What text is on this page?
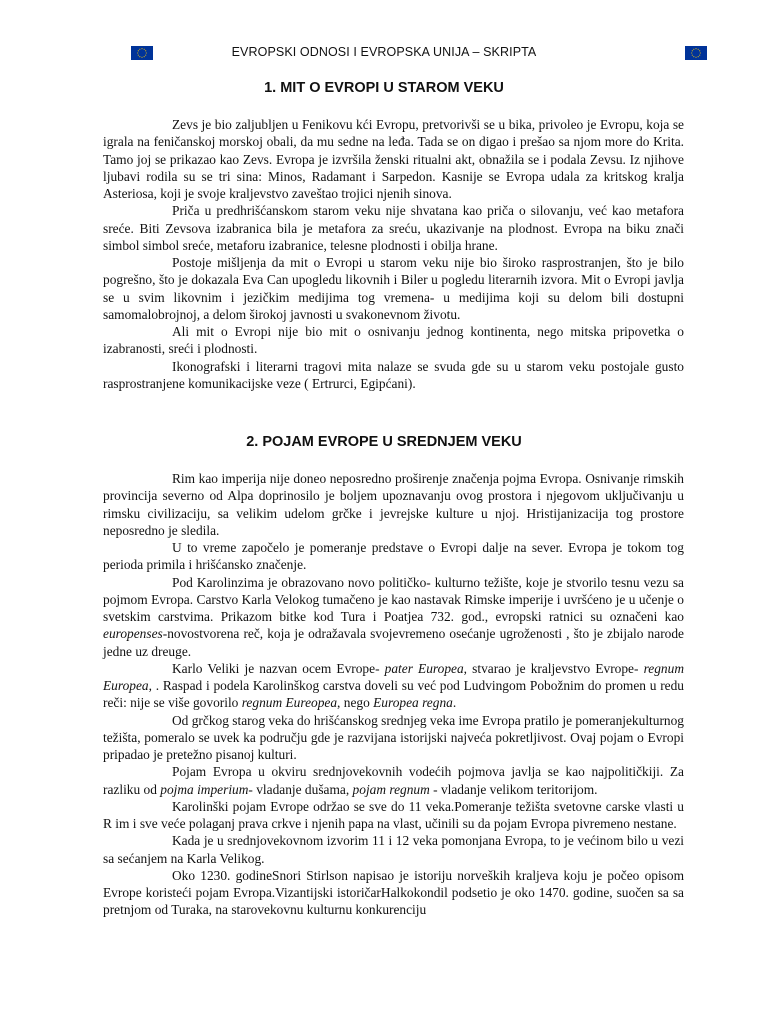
EVROPSKI ODNOSI I EVROPSKA UNIJA – SKRIPTA
1. MIT O EVROPI U STAROM VEKU

Zevs je bio zaljubljen u Fenikovu kći Evropu, pretvorivši se u bika, privoleo je Evropu, koja se igrala na feničanskoj morskoj obali, da mu sedne na leđa. Tada se on digao i prešao sa njom more do Krita. Tamo joj se prikazao kao Zevs. Evropa je izvršila ženski ritualni akt, obnažila se i podala Zevsu. Iz njihove ljubavi rodila su se tri sina: Minos, Radamant i Sarpedon. Kasnije se Evropa udala za kritskog kralja Asteriosa, koji je svoje kraljevstvo zaveštao trojici njenih sinova.

Priča u predhrišćanskom starom veku nije shvatana kao priča o silovanju, već kao metafora sreće. Biti Zevsova izabranica bila je metafora za sreću, ukazivanje na plodnost. Evropa na biku znači simbol simbol sreće, metaforu izabranice, telesne plodnosti i obilja hrane.

Postoje mišljenja da mit o Evropi u starom veku nije bio široko rasprostranjen, što je bilo pogrešno, što je dokazala Eva Can upogledu likovnih i Biler u pogledu literarnih izvora. Mit o Evropi javlja se u svim likovnim i jezičkim medijima tog vremena- u medijima koji su delom bili dostupni samomalobrojnoj, a delom širokoj javnosti u svakonevnom životu.

Ali mit o Evropi nije bio mit o osnivanju jednog kontinenta, nego mitska pripovetka o izabranosti, sreći i plodnosti.

Ikonografski i literarni tragovi mita nalaze se svuda gde su u starom veku postojale gusto rasprostranjene komunikacijske veze ( Ertrurci, Egipćani).

2. POJAM EVROPE U SREDNJEM VEKU

Rim kao imperija nije doneo neposredno proširenje značenja pojma Evropa. Osnivanje rimskih provincija severno od Alpa doprinosilo je boljem upoznavanju ovog prostora i njegovom uključivanju u rimsku civilizaciju, sa velikim udelom grčke i jevrejske kulture u njoj. Hristijanizacija tog prostore neposredno je sledila.

U to vreme započelo je pomeranje predstave o Evropi dalje na sever. Evropa je tokom tog perioda primila i hrišćansko značenje.

Pod Karolinzima je obrazovano novo političko- kulturno težište, koje je stvorilo tesnu vezu sa pojmom Evropa. Carstvo Karla Velokog tumačeno je kao nastavak Rimske imperije i uvršćeno je u učenje o svetskim carstvima. Prikazom bitke kod Tura i Poatjea 732. god., evropski ratnici su označeni kao europenses-novostvorena reč, koja je odražavala svojevremeno osećanje ugroženosti , što je zbijalo narode jedne uz dreuge.

Karlo Veliki je nazvan ocem Evrope- pater Europea, stvarao je kraljevstvo Evrope- regnum Europea, . Raspad i podela Karolinškog carstva doveli su već pod Ludvingom Pobožnim do promen u redu reči: nije se više govorilo regnum Eureopea, nego Europea regna.

Od grčkog starog veka do hrišćanskog srednjeg veka ime Evropa pratilo je pomeranjekulturnog težišta, pomeralo se uvek ka području gde je razvijana istorijski najveća pokretljivost. Ovaj pojam o Evropi pripadao je pretežno pisanoj kulturi.

Pojam Evropa u okviru srednjovekovnih vodećih pojmova javlja se kao najpolitičkiji. Za razliku od pojma imperium- vladanje dušama, pojam regnum - vladanje velikom teritorijom.

Karolinški pojam Evrope održao se sve do 11 veka.Pomeranje težišta svetovne carske vlasti u R im i sve veće polaganj prava crkve i njenih papa na vlast, učinili su da pojam Evropa pivremeno nestane.

Kada je u srednjovekovnom izvorim 11 i 12 veka pomonjana Evropa, to je većinom bilo u vezi sa sećanjem na Karla Velikog.

Oko 1230. godineSnori Stirlson napisao je istoriju norveških kraljeva koju je počeo opisom Evrope koristeći pojam Evropa.Vizantijski istoričarHalkokondil podsetio je oko 1470. godine, suočen sa sa pretnjom od Turaka, na starovekovnu kulturnu konkurenciju
